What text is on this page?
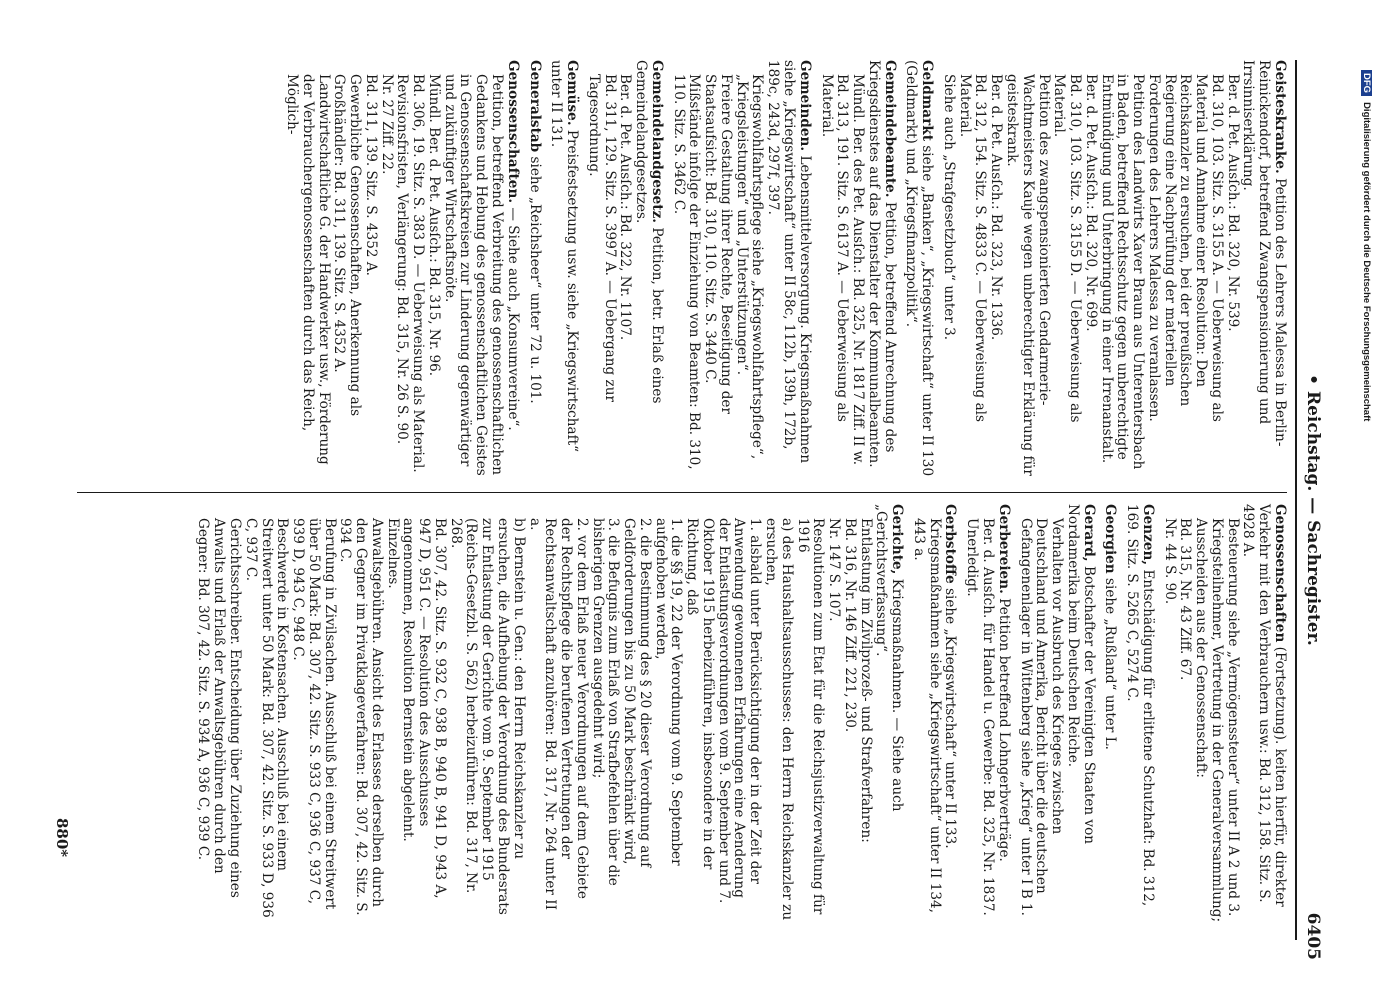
• Reichstag. — Sachregister.
6405
Geisteskranke.

Petition des Lehrers Malessa in Berlin-Reinickendorf, betreffend Zwangspensionierung und Irrsinniserklärung.

Ber. d. Pet. Ausſch.: Bd. 320, Nr. 539.

Bd. 310, 103. Sitz. S. 3155 A. — Ueberweisung als Material und Annahme einer Resolution: Den Reichskanzler zu ersuchen, bei der preußischen Regierung eine Nachprüfung der materiellen Forderungen des Lehrers Malessa zu veranlassen.

Petition des Landwirts Xaver Braun aus Unterentersbach in Baden, betreffend Rechtsschutz gegen unberechtigte Entmündigung und Unterbringung in einer Irrenanstalt.

Ber. d. Pet. Ausſch.: Bd. 320, Nr. 699.

Bd. 310, 103. Sitz. S. 3155 D. — Ueberweisung als Material.

Petition des zwangspensionierten Gendarmerie-Wachtmeisters Kauje wegen unberechtigter Erklärung für geisteskrank.

Ber. d. Pet. Ausſch.: Bd. 323, Nr. 1336.

Bd. 312, 154. Sitz. S. 4833 C. — Ueberweisung als Material.

Siehe auch „Strafgesetzbuch“ unter 3.

Geldmarkt

siehe „Banken“, „Kriegswirtschaft“ unter II 130 (Geldmarkt) und „Kriegsfinanzpolitik“.

Gemeindebeamte.

Petition, betreffend Anrechnung des Kriegsdienstes auf das Dienstalter der Kommunalbeamten.

Mündl. Ber. des Pet. Ausſch.: Bd. 325, Nr. 1817 Ziff. II w.

Bd. 313, 191. Sitz. S. 6137 A. — Ueberweisung als Material.

Gemeinden.

Lebensmittelversorgung. Kriegsmaßnahmen siehe „Kriegswirtschaft“ unter II 58c, 112b, 139h, 172b, 189c, 243d, 297f, 397.

Kriegswohlfahrtspflege siehe „Kriegswohlfahrtspflege“, „Kriegsleistungen“ und „Unterstützungen“.

Freiere Gestaltung ihrer Rechte, Beseitigung der Staatsaufsicht: Bd. 310, 110. Sitz. S. 3440 C.

Mißstände infolge der Einziehung von Beamten: Bd. 310, 110. Sitz. S. 3462 C.

Gemeindelandgesetz.

Petition, betr. Erlaß eines Gemeindelandgesetzes.

Ber. d. Pet. Ausſch.: Bd. 322, Nr. 1107.

Bd. 311, 129. Sitz. S. 3997 A. — Uebergang zur Tagesordnung.

Gemüse.

Preisfestsetzung usw. siehe „Kriegswirtschaft“ unter II 131.

Generalstab

siehe „Reichsheer“ unter 72 u. 101.

Genossenschaften.

— Siehe auch „Konsumvereine“.

Petition, betreffend Verbreitung des genossenschaftlichen Gedankens und Hebung des genossenschaftlichen Geistes in Genossenschaftskreisen zur Linderung gegenwärtiger und zukünftiger Wirtschaftsnöte.

Mündl. Ber. d. Pet. Ausſch.: Bd. 315, Nr. 96.

Bd. 306, 19. Sitz. S. 383 D. — Ueberweisung als Material.

Revisionsfristen, Verlängerung: Bd. 315, Nr. 26 S. 90.

Nr. 27 Ziff. 22.

Bd. 311, 139. Sitz. S. 4352 A.

Gewerbliche Genossenschaften, Anerkennung als Großhändler: Bd. 311, 139. Sitz. S. 4352 A.

Landwirtschaftliche G. der Handwerker usw., Förderung der Verbrauchergenossenschaften durch das Reich, Möglich-

Genossenschaften (Fortsetzung).

keiten hierfür, direkter Verkehr mit den Verbrauchern usw.: Bd. 312, 158. Sitz. S. 4928 A.

Besteuerung siehe „Vermögenssteuer“ unter II A 2 und 3.

Kriegsteilnehmer, Vertretung in der Generalversammlung; Ausscheiden aus der Genossenschaft:

Bd. 315, Nr. 43 Ziff. 67.

Nr. 44 S. 90.

Genzen,

Entschädigung für erlittene Schutzhaft: Bd. 312, 169. Sitz. S. 5265 C, 5274 C.

Georgien

siehe „Rußland“ unter L.

Gerard,

Botschafter der Vereinigten Staaten von Nordamerika beim Deutschen Reiche.

Verhalten vor Ausbruch des Krieges zwischen Deutschland und Amerika, Bericht über die deutschen Gefangenenlager in Wittenberg siehe „Krieg“ unter I B 1.

Gerbereien.

Petition betreffend Lohngerbverträge.

Ber. d. Ausſch. für Handel u. Gewerbe: Bd. 325, Nr. 1837.

Unerledigt.

Gerbstoffe

siehe „Kriegswirtschaft“ unter II 133.

Kriegsmaßnahmen siehe „Kriegswirtschaft“ unter II 134, 443 a.

Gerichte,

Kriegsmaßnahmen. — Siehe auch „Gerichtsverfassung“.

Entlastung im Zivilprozeß- und Strafverfahren:

Bd. 316, Nr. 146 Ziff. 221, 230.

Nr. 147 S. 107.

Resolutionen zum Etat für die Reichsjustizverwaltung für 1916

a) des Haushaltsausschusses: den Herrn Reichskanzler zu ersuchen,

1. alsbald unter Berücksichtigung der in der Zeit der Anwendung gewonnenen Erfahrungen eine Aenderung der Entlastungsverordnungen vom 9. September und 7. Oktober 1915 herbeizuführen, insbesondere in der Richtung, daß

1. die §§ 19, 22 der Verordnung vom 9. September aufgehoben werden,

2. die Bestimmung des § 20 dieser Verordnung auf Geldforderungen bis zu 50 Mark beschränkt wird,

3. die Befugnis zum Erlaß von Strafbefehlen über die bisherigen Grenzen ausgedehnt wird;

2. vor dem Erlaß neuer Verordnungen auf dem Gebiete der Rechtspflege die berufenen Vertretungen der Rechtsanwaltschaft anzuhören: Bd. 317, Nr. 264 unter II a.

b) Bernstein u. Gen.: den Herrn Reichskanzler zu ersuchen, die Aufhebung der Verordnung des Bundesrats zur Entlastung der Gerichte vom 9. September 1915 (Reichs-Gesetzbl. S. 562) herbeizuführen: Bd. 317, Nr. 268.

Bd. 307, 42. Sitz. S. 932 C, 938 B, 940 B, 941 D, 943 A, 947 D, 951 C. — Resolution des Ausschusses angenommen, Resolution Bernstein abgelehnt.

Einzelnes.

Anwaltsgebühren. Ansicht des Erlasses derselben durch den Gegner im Privatklageverfahren: Bd. 307, 42. Sitz. S. 934 C.

Berufung in Zivilsachen. Ausschluß bei einem Streitwert über 50 Mark: Bd. 307, 42. Sitz. S. 933 C, 936 C, 937 C, 939 D, 943 C, 948 C.

Beschwerde in Kostensachen. Ausschluß bei einem Streitwert unter 50 Mark: Bd. 307, 42. Sitz. S. 933 D, 936 C, 937 C.

Gerichtsschreiber. Entscheidung über Zuziehung eines Anwalts und Erlaß der Anwaltsgebühren durch den Gegner: Bd. 307, 42. Sitz. S. 934 A, 936 C, 939 C.

880*
DFGDigitalisierung gefördert durch die Deutsche Forschungsgemeinschaft
